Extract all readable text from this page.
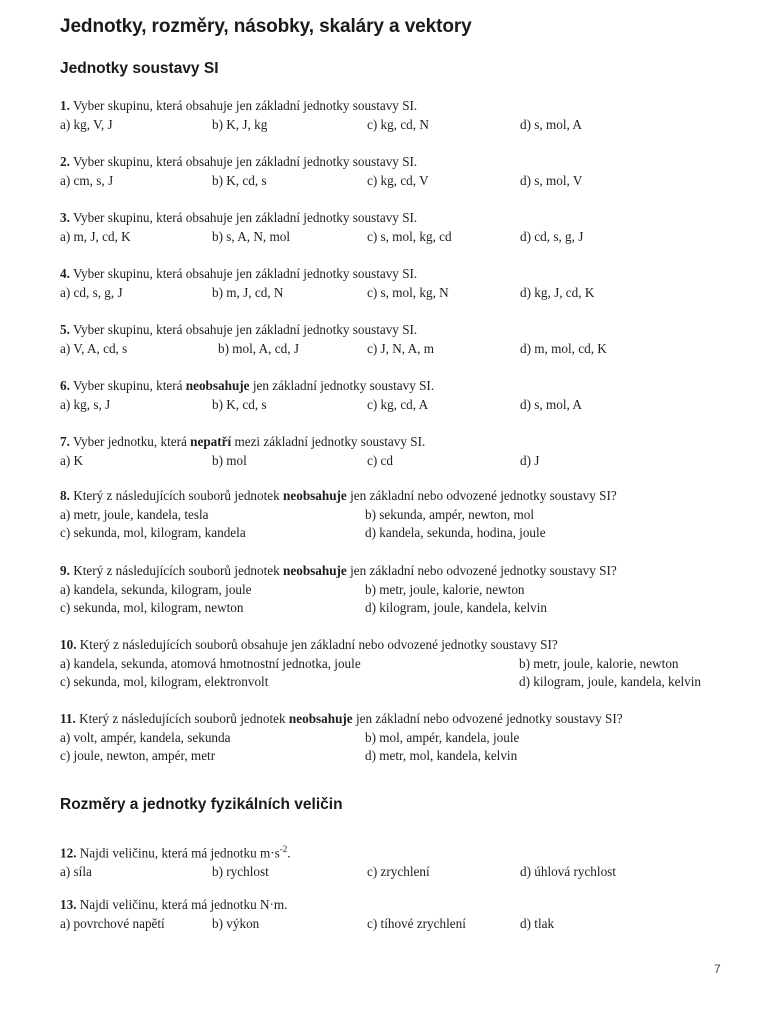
Jednotky, rozměry, násobky, skaláry a vektory
Jednotky soustavy SI
1. Vyber skupinu, která obsahuje jen základní jednotky soustavy SI.
a) kg, V, J	b) K, J, kg	c) kg, cd, N	d) s, mol, A
2. Vyber skupinu, která obsahuje jen základní jednotky soustavy SI.
a) cm, s, J	b) K, cd, s	c) kg, cd, V	d) s, mol, V
3. Vyber skupinu, která obsahuje jen základní jednotky soustavy SI.
a) m, J, cd, K	b) s, A, N, mol	c) s, mol, kg, cd	d) cd, s, g, J
4. Vyber skupinu, která obsahuje jen základní jednotky soustavy SI.
a) cd, s, g, J	b) m, J, cd, N	c) s, mol, kg, N	d) kg, J, cd, K
5. Vyber skupinu, která obsahuje jen základní jednotky soustavy SI.
a) V, A, cd, s	b) mol, A, cd, J	c) J, N, A, m	d) m, mol, cd, K
6. Vyber skupinu, která neobsahuje jen základní jednotky soustavy SI.
a) kg, s, J	b) K, cd, s	c) kg, cd, A	d) s, mol, A
7. Vyber jednotku, která nepatří mezi základní jednotky soustavy SI.
a) K	b) mol	c) cd	d) J
8. Který z následujících souborů jednotek neobsahuje jen základní nebo odvozené jednotky soustavy SI?
a) metr, joule, kandela, tesla	b) sekunda, ampér, newton, mol
c) sekunda, mol, kilogram, kandela	d) kandela, sekunda, hodina, joule
9. Který z následujících souborů jednotek neobsahuje jen základní nebo odvozené jednotky soustavy SI?
a) kandela, sekunda, kilogram, joule	b) metr, joule, kalorie, newton
c) sekunda, mol, kilogram, newton	d) kilogram, joule, kandela, kelvin
10. Který z následujících souborů obsahuje jen základní nebo odvozené jednotky soustavy SI?
a) kandela, sekunda, atomová hmotnostní jednotka, joule	b) metr, joule, kalorie, newton
c) sekunda, mol, kilogram, elektronvolt	d) kilogram, joule, kandela, kelvin
11. Který z následujících souborů jednotek neobsahuje jen základní nebo odvozené jednotky soustavy SI?
a) volt, ampér, kandela, sekunda	b) mol, ampér, kandela, joule
c) joule, newton, ampér, metr	d) metr, mol, kandela, kelvin
Rozměry a jednotky fyzikálních veličin
12. Najdi veličinu, která má jednotku $m\cdot s^{-2}$.
a) síla	b) rychlost	c) zrychlení	d) úhlová rychlost
13. Najdi veličinu, která má jednotku N·m.
a) povrchové napětí	b) výkon	c) tíhové zrychlení	d) tlak
7
